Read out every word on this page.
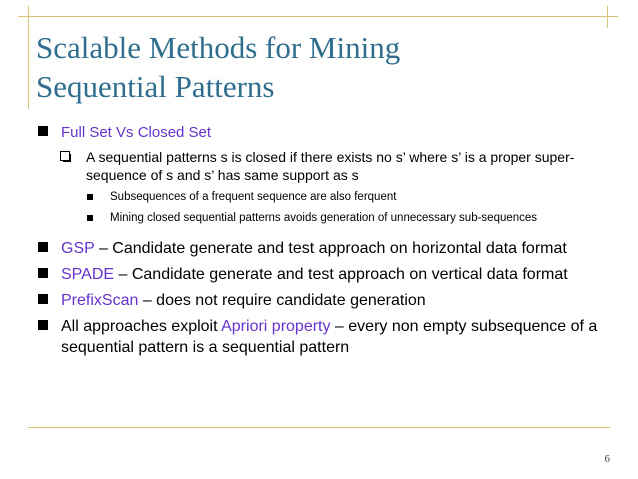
Scalable Methods for Mining
Sequential Patterns
Full Set Vs Closed Set
A sequential patterns s is closed if there exists no s’ where s’ is a proper super-sequence of s and s’ has same support as s
Subsequences of a frequent sequence are also ferquent
Mining closed sequential patterns avoids generation of unnecessary sub-sequences
GSP – Candidate generate and test approach on horizontal data format
SPADE – Candidate generate and test approach on vertical data format
PrefixScan – does not require candidate generation
All approaches exploit Apriori property – every non empty subsequence of a sequential pattern is a sequential pattern
6
